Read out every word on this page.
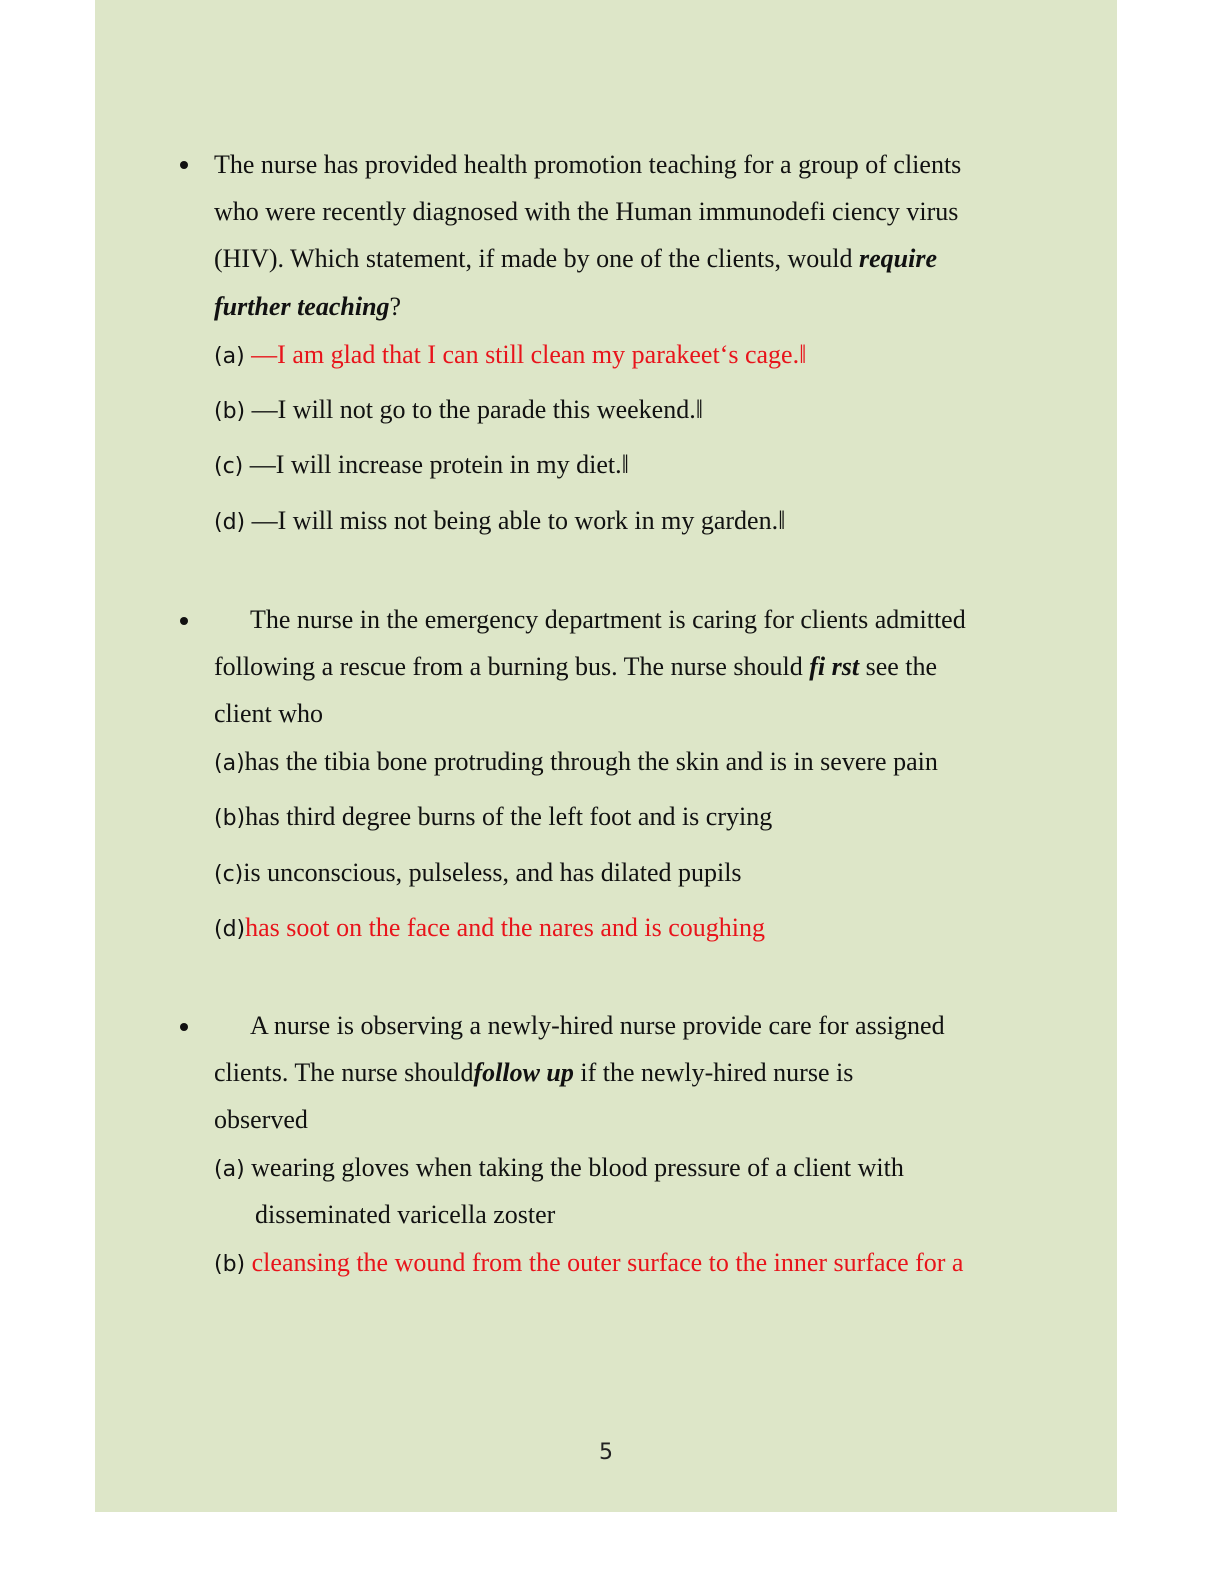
The nurse has provided health promotion teaching for a group of clients
who were recently diagnosed with the Human immunodefi ciency virus
(HIV). Which statement, if made by one of the clients, would require
further teaching?
(a) —I am glad that I can still clean my parakeet‘s cage.‖
(b) —I will not go to the parade this weekend.‖
(c) —I will increase protein in my diet.‖
(d) —I will miss not being able to work in my garden.‖
The nurse in the emergency department is caring for clients admitted
following a rescue from a burning bus. The nurse should fi rst see the
client who
(a)has the tibia bone protruding through the skin and is in severe pain
(b)has third degree burns of the left foot and is crying
(c)is unconscious, pulseless, and has dilated pupils
(d)has soot on the face and the nares and is coughing
A nurse is observing a newly-hired nurse provide care for assigned
clients. The nurse shouldfollow up if the newly-hired nurse is
observed
(a) wearing gloves when taking the blood pressure of a client with
disseminated varicella zoster
(b) cleansing the wound from the outer surface to the inner surface for a
5
